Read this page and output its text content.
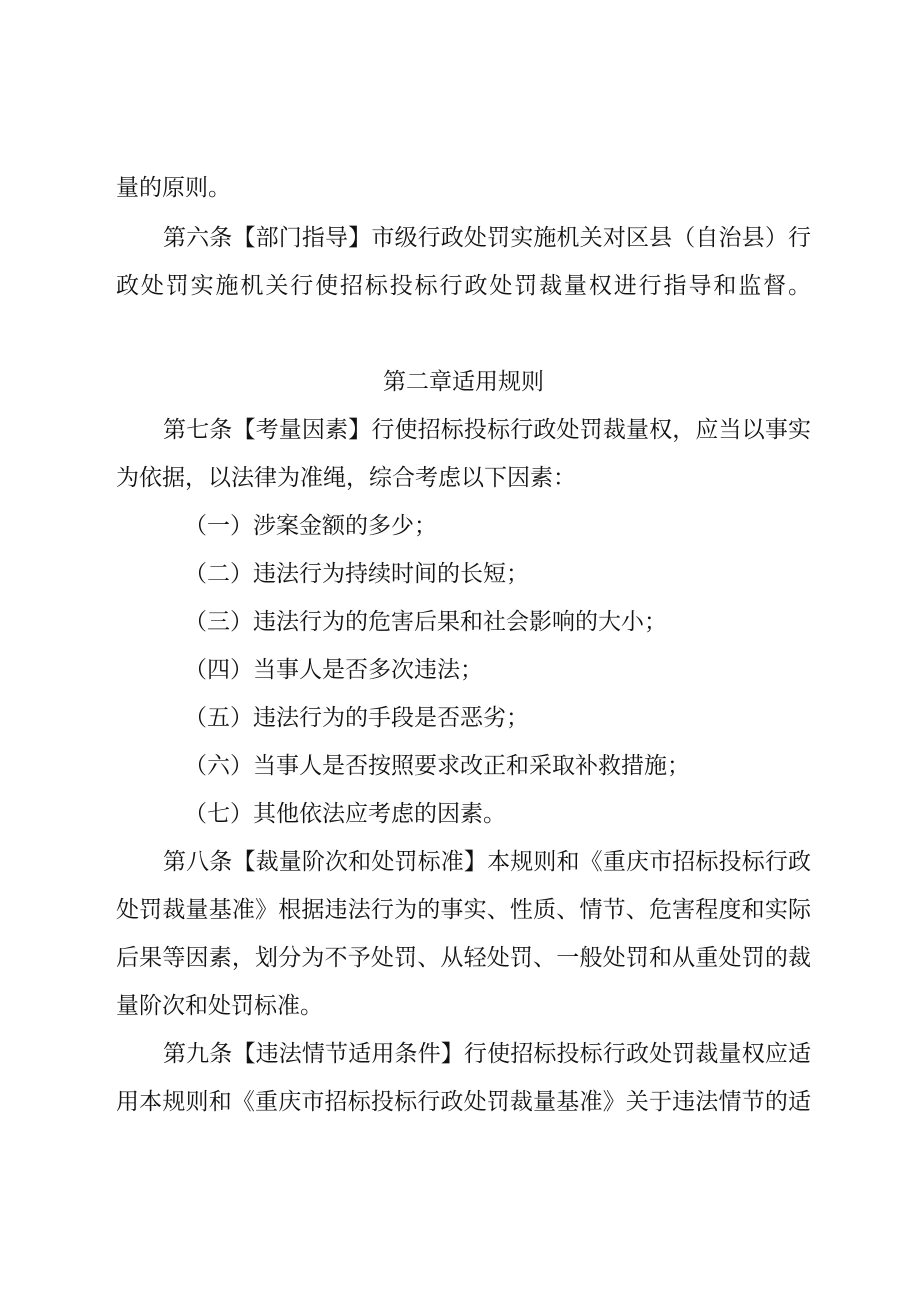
量的原则。
第六条【部门指导】市级行政处罚实施机关对区县（自治县）行
政处罚实施机关行使招标投标行政处罚裁量权进行指导和监督。
第二章适用规则
第七条【考量因素】行使招标投标行政处罚裁量权，应当以事实
为依据，以法律为准绳，综合考虑以下因素：
（一）涉案金额的多少；
（二）违法行为持续时间的长短；
（三）违法行为的危害后果和社会影响的大小；
（四）当事人是否多次违法；
（五）违法行为的手段是否恶劣；
（六）当事人是否按照要求改正和采取补救措施；
（七）其他依法应考虑的因素。
第八条【裁量阶次和处罚标准】本规则和《重庆市招标投标行政
处罚裁量基准》根据违法行为的事实、性质、情节、危害程度和实际
后果等因素，划分为不予处罚、从轻处罚、一般处罚和从重处罚的裁
量阶次和处罚标准。
第九条【违法情节适用条件】行使招标投标行政处罚裁量权应适
用本规则和《重庆市招标投标行政处罚裁量基准》关于违法情节的适
